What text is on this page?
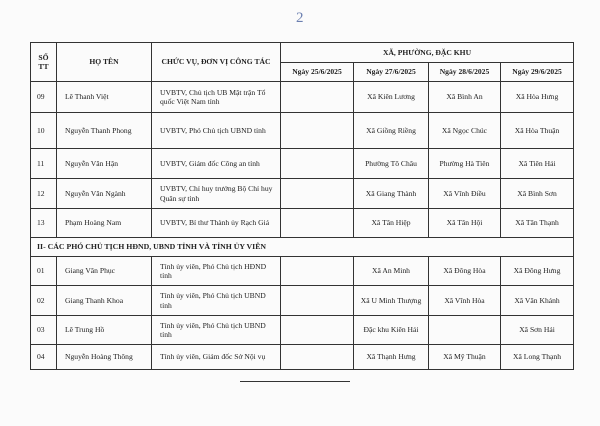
2
SỐ TT	HỌ TÊN	CHỨC VỤ, ĐƠN VỊ CÔNG TÁC	XÃ, PHƯỜNG, ĐẶC KHU			
			Ngày 25/6/2025	Ngày 27/6/2025	Ngày 28/6/2025	Ngày 29/6/2025
09	Lê Thanh Việt	UVBTV, Chủ tịch UB Mặt trận Tổ quốc Việt Nam tỉnh		Xã Kiên Lương	Xã Bình An	Xã Hòa Hưng
10	Nguyễn Thanh Phong	UVBTV, Phó Chủ tịch UBND tỉnh		Xã Giồng Riềng	Xã Ngọc Chúc	Xã Hòa Thuận
11	Nguyễn Văn Hận	UVBTV, Giám đốc Công an tỉnh		Phường Tô Châu	Phường Hà Tiên	Xã Tiên Hải
12	Nguyễn Văn Ngành	UVBTV, Chỉ huy trưởng Bộ Chỉ huy Quân sự tỉnh		Xã Giang Thành	Xã Vĩnh Điều	Xã Bình Sơn
13	Phạm Hoàng Nam	UVBTV, Bí thư Thành ủy Rạch Giá		Xã Tân Hiệp	Xã Tân Hội	Xã Tân Thạnh
II- CÁC PHÓ CHỦ TỊCH HĐND, UBND TỈNH VÀ TỈNH ỦY VIÊN						
01	Giang Văn Phục	Tỉnh ủy viên, Phó Chủ tịch HĐND tỉnh		Xã An Minh	Xã Đông Hòa	Xã Đông Hưng
02	Giang Thanh Khoa	Tỉnh ủy viên, Phó Chủ tịch UBND tỉnh		Xã U Minh Thượng	Xã Vĩnh Hòa	Xã Vân Khánh
03	Lê Trung Hồ	Tỉnh ủy viên, Phó Chủ tịch UBND tỉnh		Đặc khu Kiên Hải		Xã Sơn Hải
04	Nguyễn Hoàng Thông	Tỉnh ủy viên, Giám đốc Sở Nội vụ		Xã Thạnh Hưng	Xã Mỹ Thuận	Xã Long Thạnh
